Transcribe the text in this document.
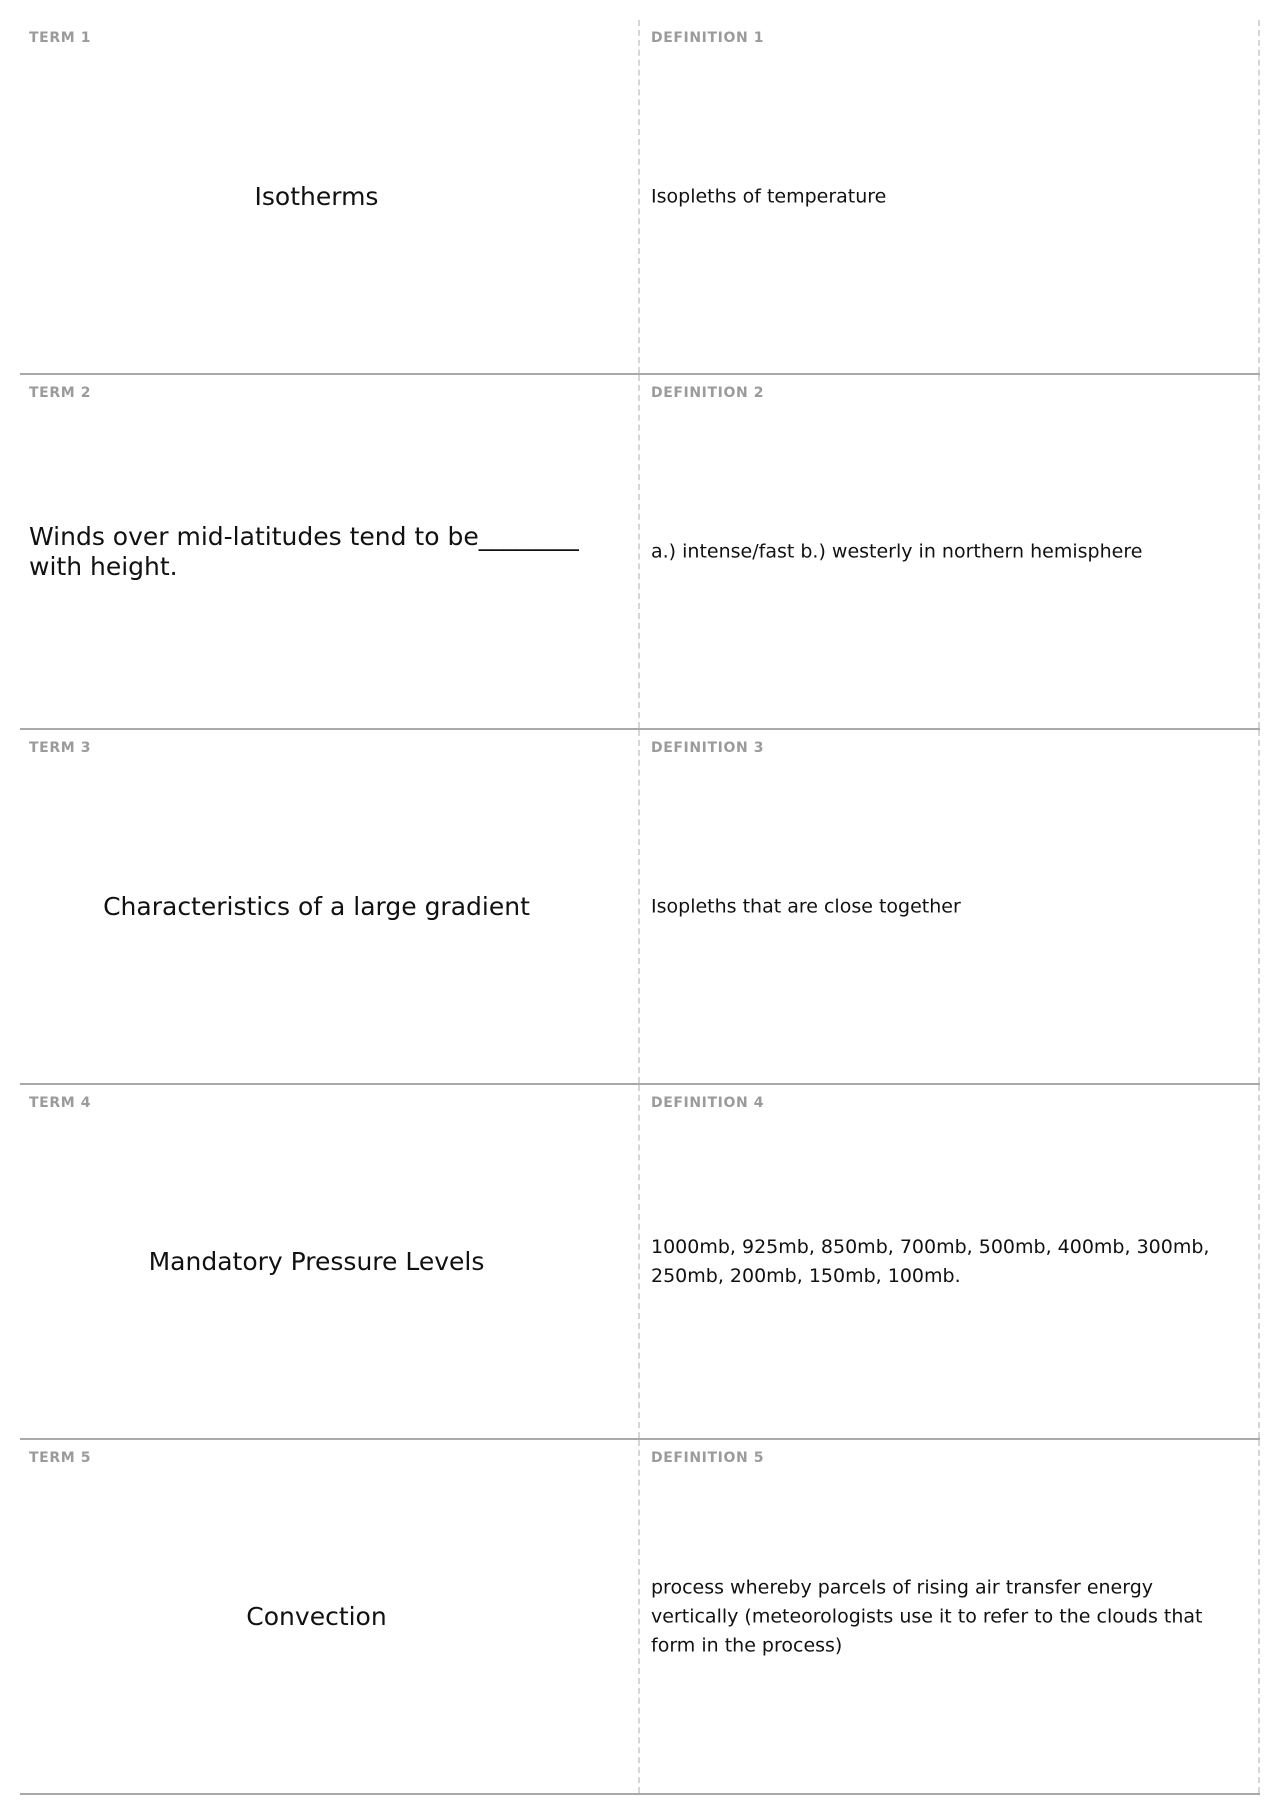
TERM 1
Isotherms
DEFINITION 1
Isopleths of temperature
TERM 2
Winds over mid-latitudes tend to be________ with height.
DEFINITION 2
a.) intense/fast b.) westerly in northern hemisphere
TERM 3
Characteristics of a large gradient
DEFINITION 3
Isopleths that are close together
TERM 4
Mandatory Pressure Levels
DEFINITION 4
1000mb, 925mb, 850mb, 700mb, 500mb, 400mb, 300mb, 250mb, 200mb, 150mb, 100mb.
TERM 5
Convection
DEFINITION 5
process whereby parcels of rising air transfer energy vertically (meteorologists use it to refer to the clouds that form in the process)
